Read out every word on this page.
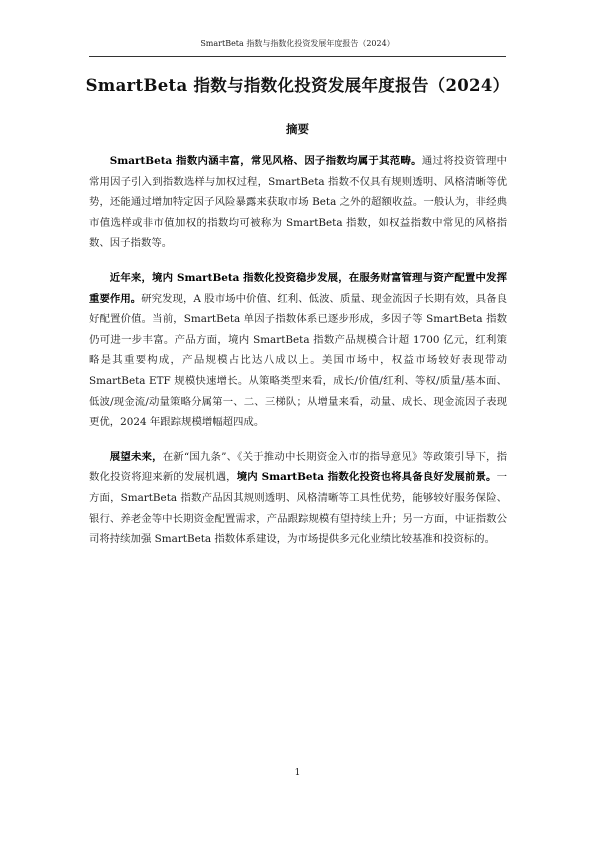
SmartBeta 指数与指数化投资发展年度报告（2024）
SmartBeta 指数与指数化投资发展年度报告（2024）
摘要

SmartBeta 指数内涵丰富，常见风格、因子指数均属于其范畴。通过将投资管理中常用因子引入到指数选样与加权过程，SmartBeta 指数不仅具有规则透明、风格清晰等优势，还能通过增加特定因子风险暴露来获取市场 Beta 之外的超额收益。一般认为，非经典市值选样或非市值加权的指数均可被称为 SmartBeta 指数，如权益指数中常见的风格指数、因子指数等。

近年来，境内 SmartBeta 指数化投资稳步发展，在服务财富管理与资产配置中发挥重要作用。研究发现，A 股市场中价值、红利、低波、质量、现金流因子长期有效，具备良好配置价值。当前，SmartBeta 单因子指数体系已逐步形成，多因子等 SmartBeta 指数仍可进一步丰富。产品方面，境内 SmartBeta 指数产品规模合计超 1700 亿元，红利策略是其重要构成，产品规模占比达八成以上。美国市场中，权益市场较好表现带动 SmartBeta ETF 规模快速增长。从策略类型来看，成长/价值/红利、等权/质量/基本面、低波/现金流/动量策略分属第一、二、三梯队；从增量来看，动量、成长、现金流因子表现更优，2024 年跟踪规模增幅超四成。

展望未来，在新“国九条”、《关于推动中长期资金入市的指导意见》等政策引导下，指数化投资将迎来新的发展机遇，境内 SmartBeta 指数化投资也将具备良好发展前景。一方面，SmartBeta 指数产品因其规则透明、风格清晰等工具性优势，能够较好服务保险、银行、养老金等中长期资金配置需求，产品跟踪规模有望持续上升；另一方面，中证指数公司将持续加强 SmartBeta 指数体系建设，为市场提供多元化业绩比较基准和投资标的。

1
